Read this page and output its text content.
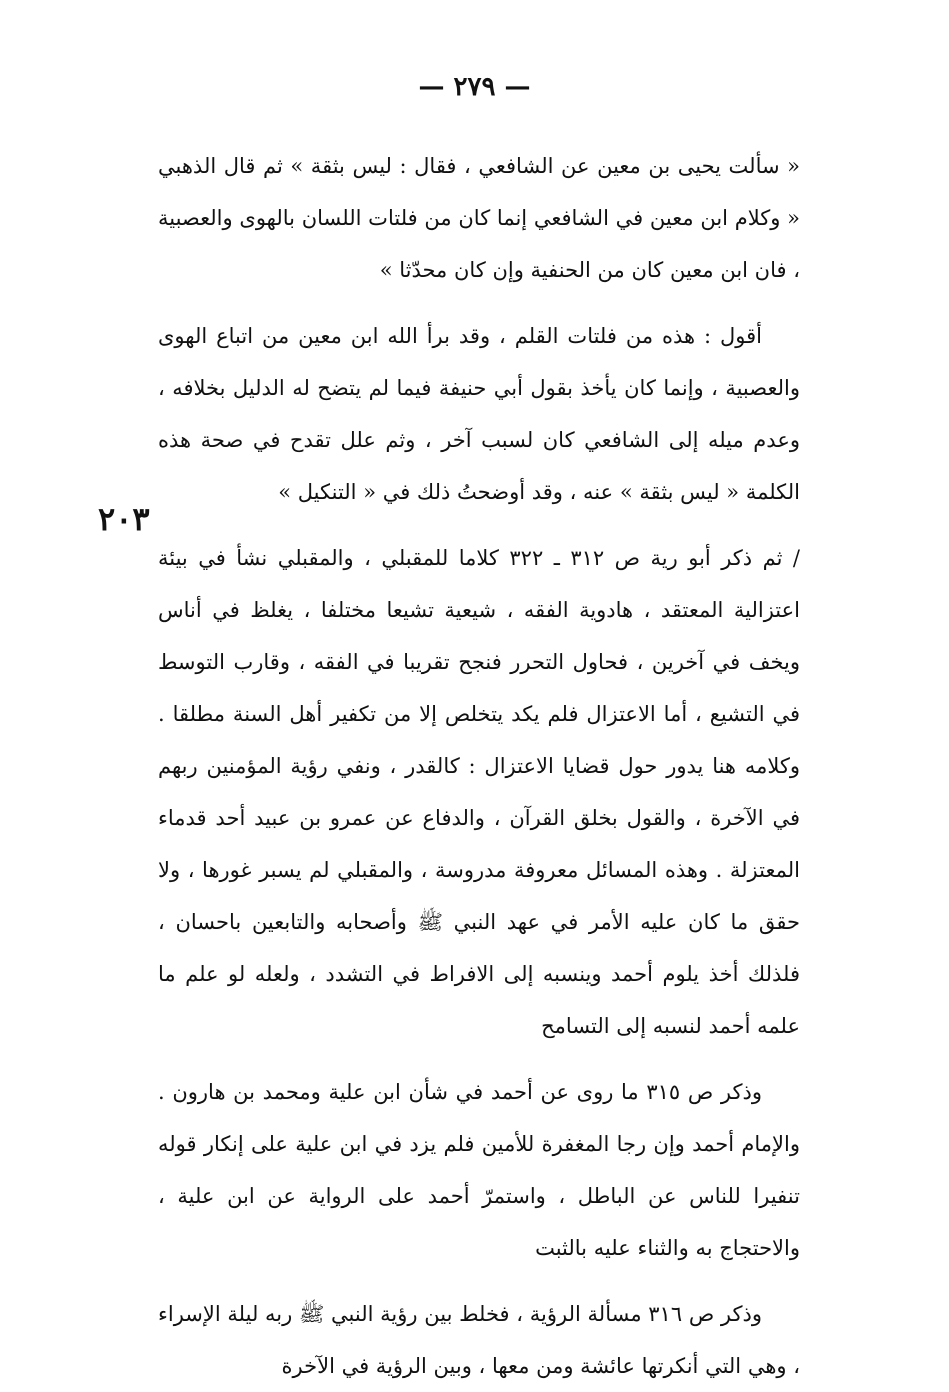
— ٢٧٩ —
٢٠٣

« سألت يحيى بن معين عن الشافعي ، فقال : ليس بثقة » ثم قال الذهبي « وكلام ابن معين في الشافعي إنما كان من فلتات اللسان بالهوى والعصبية ، فان ابن معين كان من الحنفية وإن كان محدّثا »

أقول : هذه من فلتات القلم ، وقد برأ الله ابن معين من اتباع الهوى والعصبية ، وإنما كان يأخذ بقول أبي حنيفة فيما لم يتضح له الدليل بخلافه ، وعدم ميله إلى الشافعي كان لسبب آخر ، وثم علل تقدح في صحة هذه الكلمة « ليس بثقة » عنه ، وقد أوضحتُ ذلك في « التنكيل »

/ ثم ذكر أبو رية ص ٣١٢ ـ ٣٢٢ كلاما للمقبلي ، والمقبلي نشأ في بيئة اعتزالية المعتقد ، هادوية الفقه ، شيعية تشيعا مختلفا ، يغلظ في أناس ويخف في آخرين ، فحاول التحرر فنجح تقريبا في الفقه ، وقارب التوسط في التشيع ، أما الاعتزال فلم يكد يتخلص إلا من تكفير أهل السنة مطلقا . وكلامه هنا يدور حول قضايا الاعتزال : كالقدر ، ونفي رؤية المؤمنين ربهم في الآخرة ، والقول بخلق القرآن ، والدفاع عن عمرو بن عبيد أحد قدماء المعتزلة . وهذه المسائل معروفة مدروسة ، والمقبلي لم يسبر غورها ، ولا حقق ما كان عليه الأمر في عهد النبي ﷺ وأصحابه والتابعين باحسان ، فلذلك أخذ يلوم أحمد وينسبه إلى الافراط في التشدد ، ولعله لو علم ما علمه أحمد لنسبه إلى التسامح

وذكر ص ٣١٥ ما روى عن أحمد في شأن ابن علية ومحمد بن هارون . والإمام أحمد وإن رجا المغفرة للأمين فلم يزد في ابن علية على إنكار قوله تنفيرا للناس عن الباطل ، واستمرّ أحمد على الرواية عن ابن علية ، والاحتجاج به والثناء عليه بالثبت

وذكر ص ٣١٦ مسألة الرؤية ، فخلط بين رؤية النبي ﷺ ربه ليلة الإسراء ، وهي التي أنكرتها عائشة ومن معها ، وبين الرؤية في الآخرة
